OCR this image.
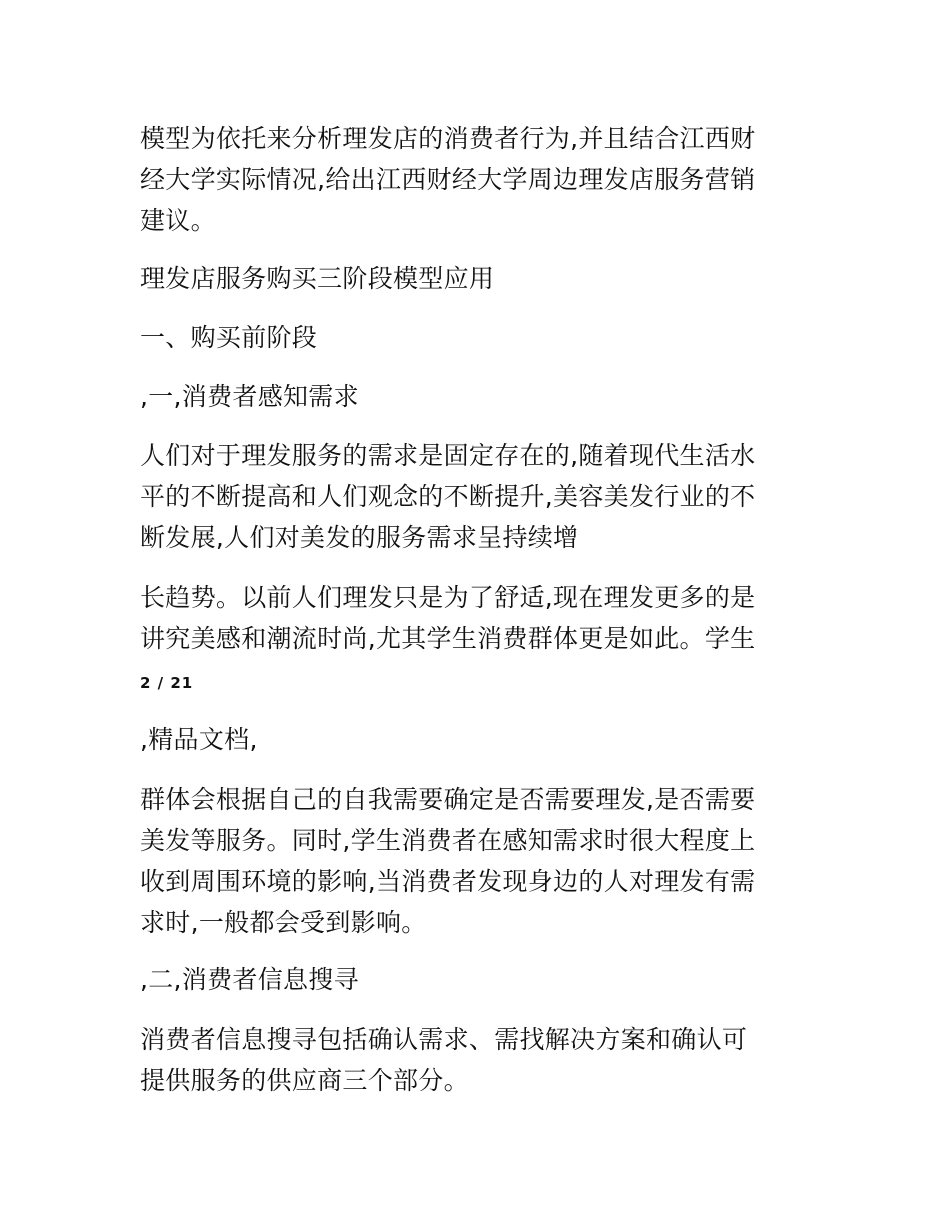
模型为依托来分析理发店的消费者行为,并且结合江西财
经大学实际情况,给出江西财经大学周边理发店服务营销
建议。

理发店服务购买三阶段模型应用

一、购买前阶段

,一,消费者感知需求

人们对于理发服务的需求是固定存在的,随着现代生活水
平的不断提高和人们观念的不断提升,美容美发行业的不
断发展,人们对美发的服务需求呈持续增

长趋势。以前人们理发只是为了舒适,现在理发更多的是
讲究美感和潮流时尚,尤其学生消费群体更是如此。学生

2 / 21

,精品文档,

群体会根据自己的自我需要确定是否需要理发,是否需要
美发等服务。同时,学生消费者在感知需求时很大程度上
收到周围环境的影响,当消费者发现身边的人对理发有需
求时,一般都会受到影响。

,二,消费者信息搜寻

消费者信息搜寻包括确认需求、需找解决方案和确认可
提供服务的供应商三个部分。
